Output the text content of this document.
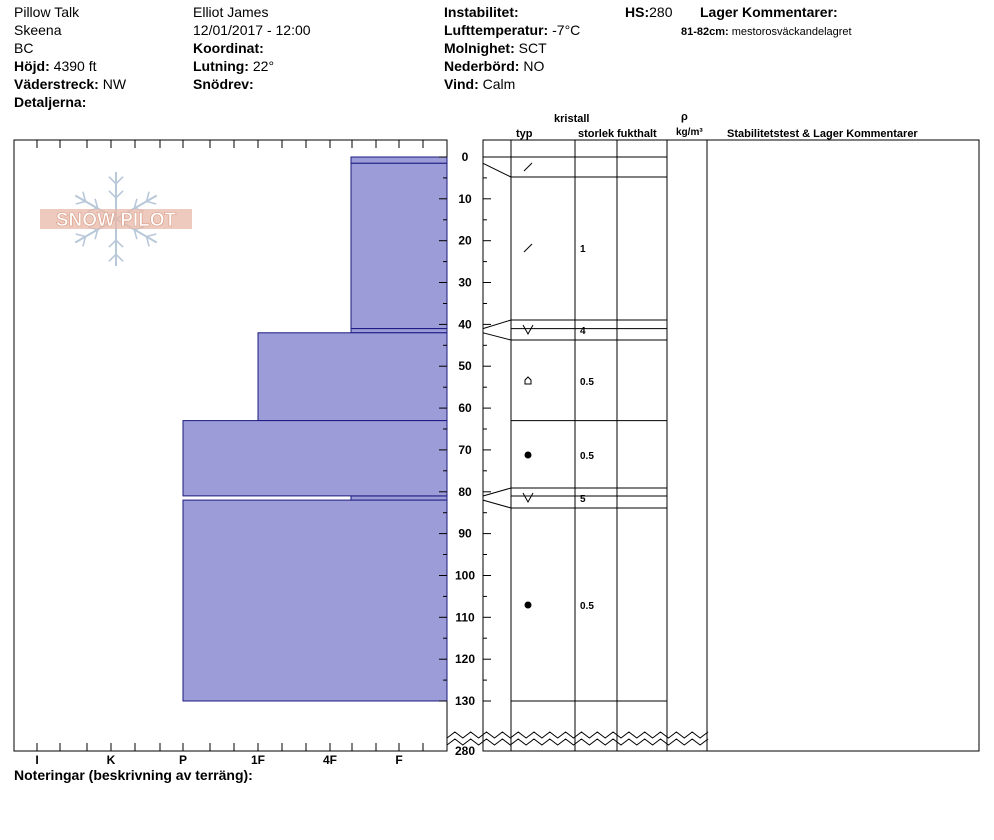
Pillow Talk
Skeena
BC
Höjd: 4390 ft
Väderstreck: NW
Detaljerna:
Elliot James
12/01/2017 - 12:00
Koordinat:
Lutning: 22°
Snödrev:
Instabilitet:
Lufttemperatur: -7°C
Molnighet: SCT
Nederbörd: NO
Vind: Calm
HS:280 Lager Kommentarer:
81-82cm: mestorosväckandelagret
kristall
typ	storlek fukthalt
ρ
kg/m³ Stabilitetstest & Lager Kommentarer
SNOW PILOT
I	K	P	1F	4F	F
0
10
20
30
40
50
60
70
80
90
100
110
120
130
280
1
4
0.5
0.5
5
0.5
Noteringar (beskrivning av terräng):
